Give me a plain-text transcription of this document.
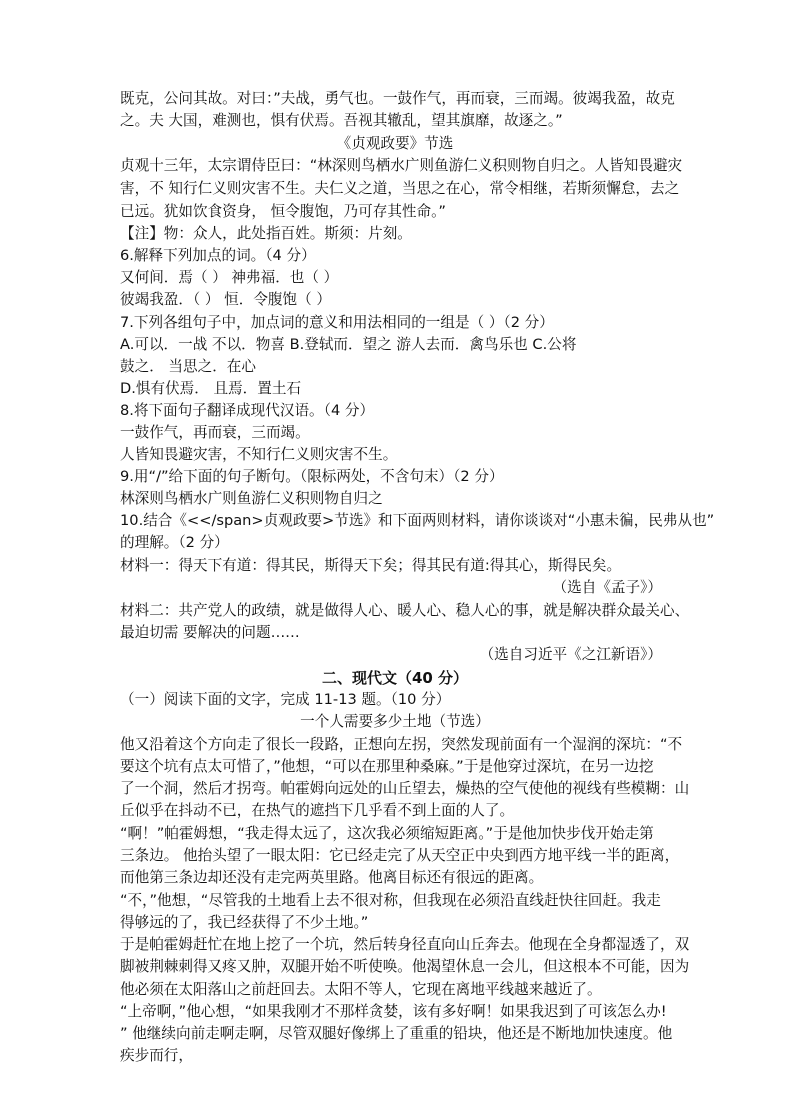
既克，公问其故。对曰：”夫战，勇气也。一鼓作气，再而衰，三而竭。彼竭我盈，故克
之。夫 大国，难测也，惧有伏焉。吾视其辙乱，望其旗靡，故逐之。”
《贞观政要》节选
贞观十三年，太宗谓侍臣曰：“林深则鸟栖水广则鱼游仁义积则物自归之。人皆知畏避灾
害，不 知行仁义则灾害不生。夫仁义之道，当思之在心，常令相继，若斯须懈怠，去之
已远。犹如饮食资身， 恒令腹饱，乃可存其性命。”
【注】物：众人，此处指百姓。斯须：片刻。
6.解释下列加点的词。（4 分）
又何间．焉（ ） 神弗福．也（ ）
彼竭我盈．（ ） 恒．令腹饱（ ）
7.下列各组句子中，加点词的意义和用法相同的一组是（ ）（2 分）
A.可以．一战 不以．物喜 B.登轼而．望之 游人去而．禽鸟乐也 C.公将
鼓之． 当思之．在心
D.惧有伏焉． 且焉．置土石
8.将下面句子翻译成现代汉语。（4 分）
一鼓作气，再而衰，三而竭。
人皆知畏避灾害，不知行仁义则灾害不生。
9.用“/”给下面的句子断句。（限标两处，不含句末）（2 分）
林深则鸟栖水广则鱼游仁义积则物自归之
10.结合《<</span>贞观政要>节选》和下面两则材料，请你谈谈对“小惠未徧，民弗从也”
的理解。（2 分）
材料一：得天下有道：得其民，斯得天下矣；得其民有道:得其心，斯得民矣。
（选自《孟子》）
材料二：共产党人的政绩，就是做得人心、暖人心、稳人心的事，就是解决群众最关心、
最迫切需 要解决的问题……
（选自习近平《之江新语》）
二、现代文（40 分）
（一）阅读下面的文字，完成 11-13 题。（10 分）
一个人需要多少土地（节选）
他又沿着这个方向走了很长一段路，正想向左拐，突然发现前面有一个湿润的深坑：“不
要这个坑有点太可惜了，”他想，“可以在那里种桑麻。”于是他穿过深坑，在另一边挖
了一个洞，然后才拐弯。帕霍姆向远处的山丘望去，燥热的空气使他的视线有些模糊：山
丘似乎在抖动不已，在热气的遮挡下几乎看不到上面的人了。
“啊！”帕霍姆想，“我走得太远了，这次我必须缩短距离。”于是他加快步伐开始走第
三条边。 他抬头望了一眼太阳：它已经走完了从天空正中央到西方地平线一半的距离，
而他第三条边却还没有走完两英里路。他离目标还有很远的距离。
“不，”他想，“尽管我的土地看上去不很对称，但我现在必须沿直线赶快往回赶。我走
得够远的了，我已经获得了不少土地。”
于是帕霍姆赶忙在地上挖了一个坑，然后转身径直向山丘奔去。他现在全身都湿透了，双
脚被荆棘刺得又疼又肿，双腿开始不听使唤。他渴望休息一会儿，但这根本不可能，因为
他必须在太阳落山之前赶回去。太阳不等人，它现在离地平线越来越近了。
“上帝啊，”他心想，“如果我刚才不那样贪婪，该有多好啊！如果我迟到了可该怎么办!
” 他继续向前走啊走啊，尽管双腿好像绑上了重重的铅块，他还是不断地加快速度。他
疾步而行，
